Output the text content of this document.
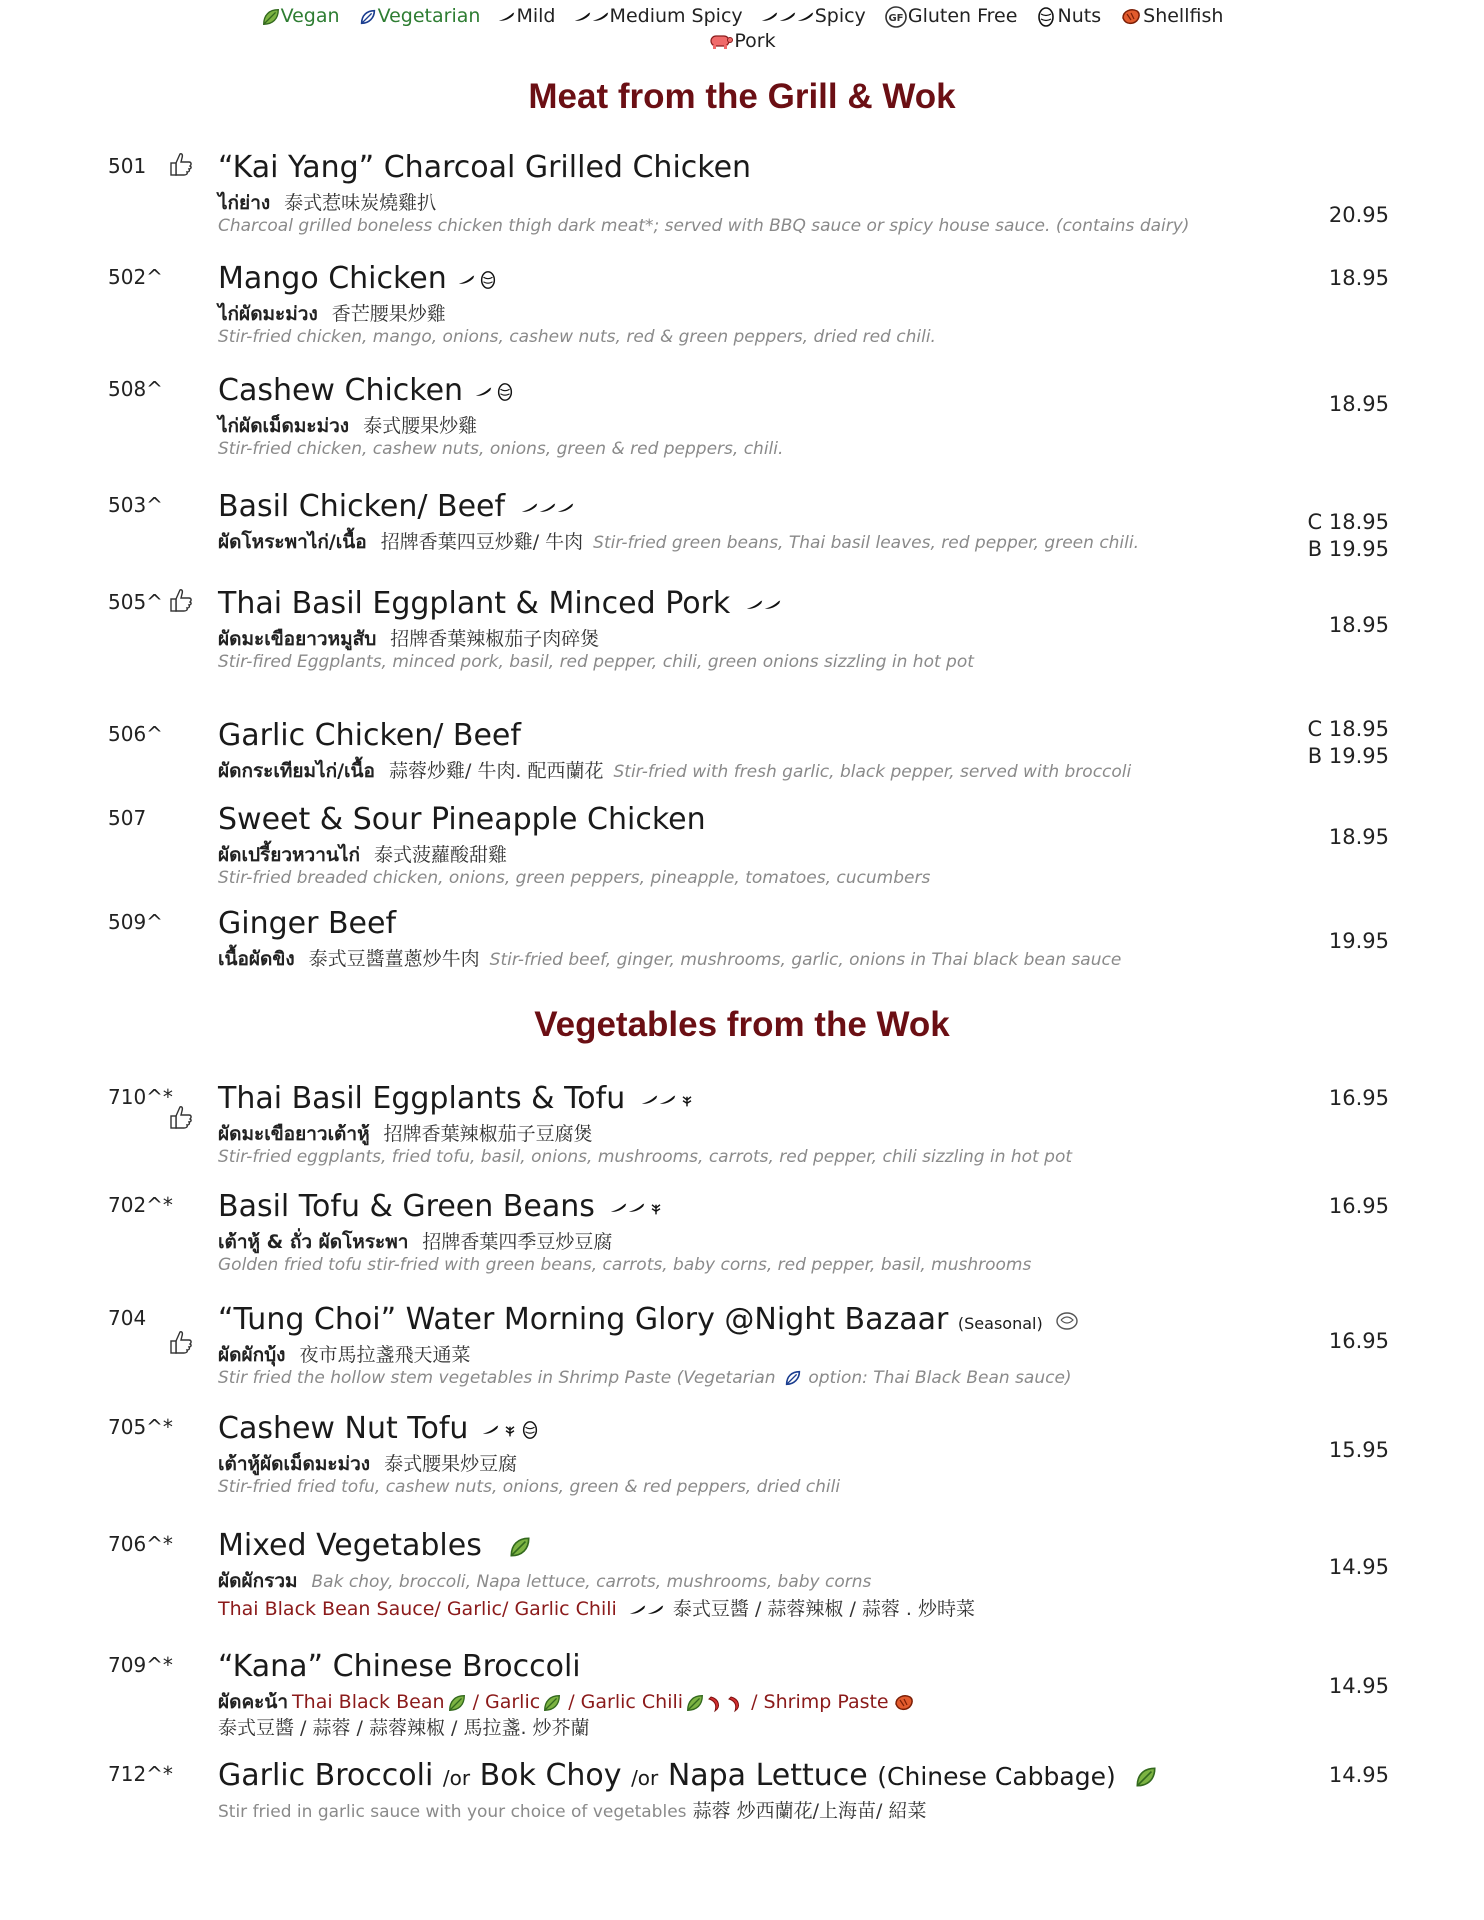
Vegan Vegetarian Mild	Medium Spicy	Spicy Gluten Free Nuts Shellfish
Pork
Meat from the Grill & Wok
501 “Kai Yang” Charcoal Grilled Chicken
ไก่ย่าง 泰式惹味炭燒雞扒
Charcoal grilled boneless chicken thigh dark meat*; served with BBQ sauce or spicy house sauce. (contains dairy)	20.95
502^ Mango Chicken
ไก่ผัดมะม่วง 香芒腰果炒雞
Stir-fried chicken, mango, onions, cashew nuts, red & green peppers, dried red chili.
18.95
508^ Cashew Chicken
ไก่ผัดเม็ดมะม่วง 泰式腰果炒雞
Stir-fried chicken, cashew nuts, onions, green & red peppers, chili.
18.95
503^ Basil Chicken/ Beef
ผัดโหระพาไก่/เนื้อ 招牌香葉四豆炒雞/ 牛肉 Stir-fried green beans, Thai basil leaves, red pepper, green chili.
C 18.95
B 19.95
505^ Thai Basil Eggplant & Minced Pork
ผัดมะเขือยาวหมูสับ 招牌香葉辣椒茄子肉碎煲
Stir-fired Eggplants, minced pork, basil, red pepper, chili, green onions sizzling in hot pot
18.95
506^ Garlic Chicken/ Beef
ผัดกระเทียมไก่/เนื้อ 蒜蓉炒雞/ 牛肉. 配西蘭花 Stir-fried with fresh garlic, black pepper, served with broccoli
C 18.95
B 19.95
507 Sweet & Sour Pineapple Chicken
ผัดเปรี้ยวหวานไก่ 泰式菠蘿酸甜雞
Stir-fried breaded chicken, onions, green peppers, pineapple, tomatoes, cucumbers
18.95
509^ Ginger Beef
เนื้อผัดขิง 泰式豆醬薑蔥炒牛肉 Stir-fried beef, ginger, mushrooms, garlic, onions in Thai black bean sauce
19.95
Vegetables from the Wok
710^* Thai Basil Eggplants & Tofu
ผัดมะเขือยาวเต้าหู้ 招牌香葉辣椒茄子豆腐煲
Stir-fried eggplants, fried tofu, basil, onions, mushrooms, carrots, red pepper, chili sizzling in hot pot
16.95
702^* Basil Tofu & Green Beans
เต้าหู้ & ถั่ว ผัดโหระพา 招牌香葉四季豆炒豆腐
Golden fried tofu stir-fried with green beans, carrots, baby corns, red pepper, basil, mushrooms
16.95
704 “Tung Choi” Water Morning Glory @Night Bazaar (Seasonal)
ผัดผักบุ้ง 夜市馬拉盞飛天通菜
Stir fried the hollow stem vegetables in Shrimp Paste (Vegetarian option: Thai Black Bean sauce)
16.95
705^* Cashew Nut Tofu
เต้าหู้ผัดเม็ดมะม่วง 泰式腰果炒豆腐
Stir-fried fried tofu, cashew nuts, onions, green & red peppers, dried chili
15.95
706^* Mixed Vegetables
ผัดผักรวม Bak choy, broccoli, Napa lettuce, carrots, mushrooms, baby corns
Thai Black Bean Sauce/ Garlic/ Garlic Chili	泰式豆醬 / 蒜蓉辣椒 / 蒜蓉 . 炒時菜
14.95
709^* “Kana” Chinese Broccoli
ผัดคะน้า Thai Black Bean / Garlic / Garlic Chili	/ Shrimp Paste
泰式豆醬 / 蒜蓉 / 蒜蓉辣椒 / 馬拉盞. 炒芥蘭
14.95
712^* Garlic Broccoli /or Bok Choy /or Napa Lettuce (Chinese Cabbage)
Stir fried in garlic sauce with your choice of vegetables 蒜蓉 炒西蘭花/上海苗/ 紹菜
14.95
